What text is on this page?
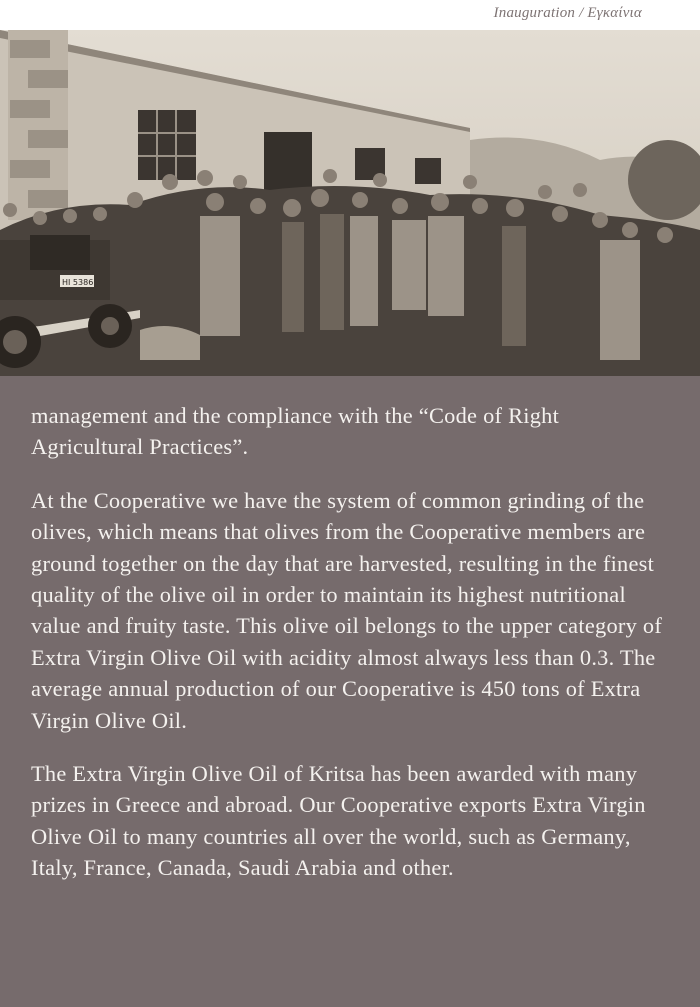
Inauguration / Εγκαίνια
ΗΙ 5386

management and the compliance with the “Code of Right Agricultural Practices”.

At the Cooperative we have the system of common grinding of the olives, which means that olives from the Cooperative members are ground together on the day that are harvested, resulting in the finest quality of the olive oil in order to maintain its highest nutritional value and fruity taste. This olive oil belongs to the upper category of Extra Virgin Olive Oil with acidity almost always less than 0.3. The average annual production of our Cooperative is 450 tons of Extra Virgin Olive Oil.

The Extra Virgin Olive Oil of Kritsa has been awarded with many prizes in Greece and abroad. Our Cooperative exports Extra Virgin Olive Oil to many countries all over the world, such as Germany, Italy, France, Canada, Saudi Arabia and other.
